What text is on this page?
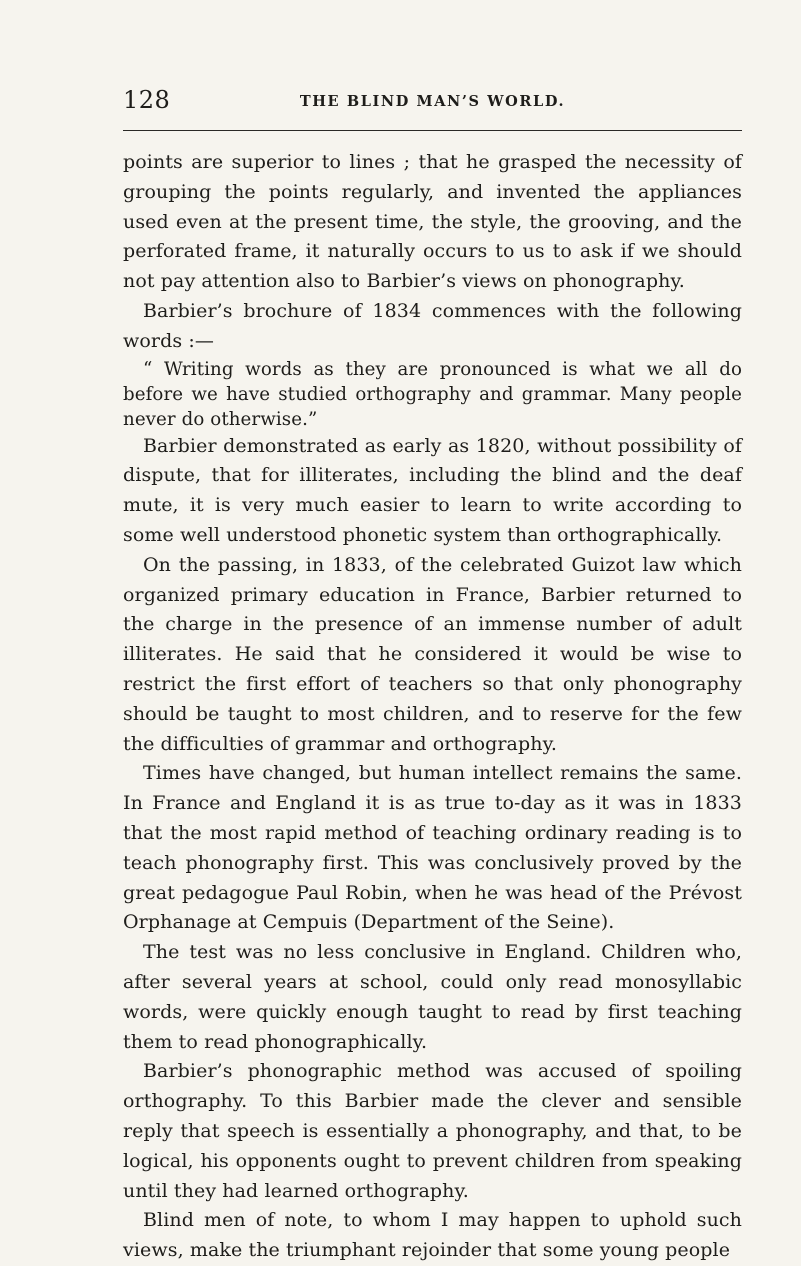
128	THE BLIND MAN’S WORLD.

points are superior to lines ; that he grasped the necessity of grouping the points regularly, and invented the appliances used even at the present time, the style, the grooving, and the perforated frame, it naturally occurs to us to ask if we should not pay attention also to Barbier’s views on phonography.

Barbier’s brochure of 1834 commences with the following words :—

“ Writing words as they are pronounced is what we all do before we have studied orthography and grammar. Many people never do otherwise.”

Barbier demonstrated as early as 1820, without possibility of dispute, that for illiterates, including the blind and the deaf mute, it is very much easier to learn to write according to some well understood phonetic system than orthographically.

On the passing, in 1833, of the celebrated Guizot law which organized primary education in France, Barbier returned to the charge in the presence of an immense number of adult illiterates. He said that he considered it would be wise to restrict the first effort of teachers so that only phonography should be taught to most children, and to reserve for the few the difficulties of grammar and orthography.

Times have changed, but human intellect remains the same. In France and England it is as true to-day as it was in 1833 that the most rapid method of teaching ordinary reading is to teach phonography first. This was conclusively proved by the great pedagogue Paul Robin, when he was head of the Prévost Orphanage at Cempuis (Department of the Seine).

The test was no less conclusive in England. Children who, after several years at school, could only read monosyllabic words, were quickly enough taught to read by first teaching them to read phonographically.

Barbier’s phonographic method was accused of spoiling orthography. To this Barbier made the clever and sensible reply that speech is essentially a phonography, and that, to be logical, his opponents ought to prevent children from speaking until they had learned orthography.

Blind men of note, to whom I may happen to uphold such views, make the triumphant rejoinder that some young people
